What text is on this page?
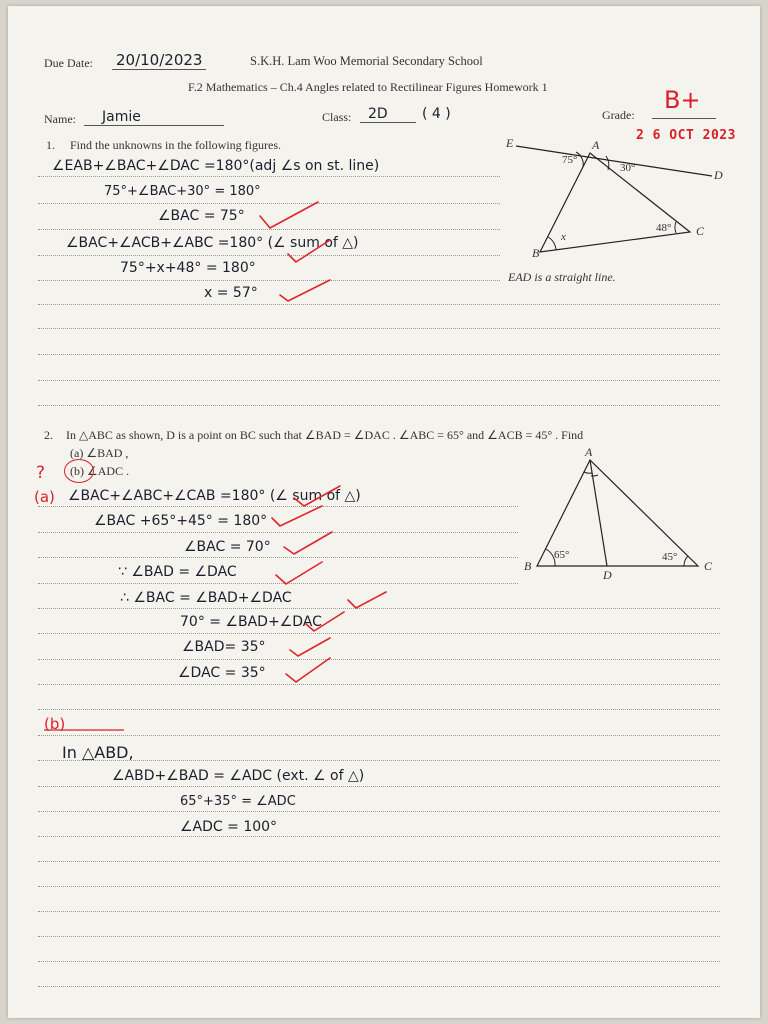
Due Date: 20/10/2023	S.K.H. Lam Woo Memorial Secondary School
F.2 Mathematics – Ch.4 Angles related to Rectilinear Figures Homework 1
Name:	Jamie	Class:	2D	( 4 )	Grade:
B+
2 6 OCT 2023
1. Find the unknowns in the following figures.
∠EAB+∠BAC+∠DAC =180°(adj ∠s on st. line)
75°+∠BAC+30° = 180°
∠BAC = 75°
∠BAC+∠ACB+∠ABC =180° (∠ sum of △)
75°+x+48° = 180°
x = 57°
E	A
D
B
C
75°
30°
48°
x
EAD is a straight line.
2. In △ABC as shown, D is a point on BC such that ∠BAD = ∠DAC . ∠ABC = 65° and ∠ACB = 45° . Find
(a) ∠BAD ,
(b) ∠ADC .
?
(a) ∠BAC+∠ABC+∠CAB =180° (∠ sum of △)
∠BAC +65°+45° = 180°
∠BAC = 70°
∵ ∠BAD = ∠DAC
∴ ∠BAC = ∠BAD+∠DAC
70° = ∠BAD+∠DAC
∠BAD= 35°
∠DAC = 35°
(b)
In △ABD,
∠ABD+∠BAD = ∠ADC (ext. ∠ of △)
65°+35° = ∠ADC
∠ADC = 100°
A
B	C
D
65°	45°
